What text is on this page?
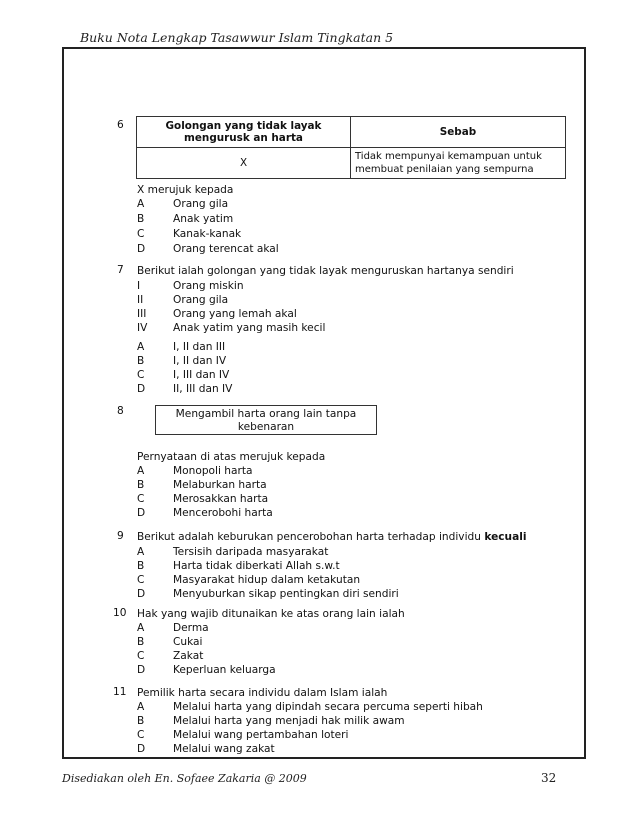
Buku Nota Lengkap Tasawwur Islam Tingkatan 5
6	Golongan yang tidak layak mengurusk an harta	Sebab
X	Tidak mempunyai kemampuan untuk membuat penilaian yang sempurna
X merujuk kepada
A	Orang gila
B	Anak yatim
C	Kanak-kanak
D	Orang terencat akal
7	Berikut ialah golongan yang tidak layak menguruskan hartanya sendiri
I	Orang miskin
II	Orang gila
III	Orang yang lemah akal
IV	Anak yatim yang masih kecil
A	I, II dan III
B	I, II dan IV
C	I, III dan IV
D	II, III dan IV
8	Mengambil harta orang lain tanpa kebenaran
Pernyataan di atas merujuk kepada
A	Monopoli harta
B	Melaburkan harta
C	Merosakkan harta
D	Mencerobohi harta
9	Berikut adalah keburukan pencerobohan harta terhadap individu kecuali
A	Tersisih daripada masyarakat
B	Harta tidak diberkati Allah s.w.t
C	Masyarakat hidup dalam ketakutan
D	Menyuburkan sikap pentingkan diri sendiri
10 Hak yang wajib ditunaikan ke atas orang lain ialah
A	Derma
B	Cukai
C	Zakat
D	Keperluan keluarga
11 Pemilik harta secara individu dalam Islam ialah
A	Melalui harta yang dipindah secara percuma seperti hibah
B	Melalui harta yang menjadi hak milik awam
C	Melalui wang pertambahan loteri
D	Melalui wang zakat
Disediakan oleh En. Sofaee Zakaria @ 2009	32
